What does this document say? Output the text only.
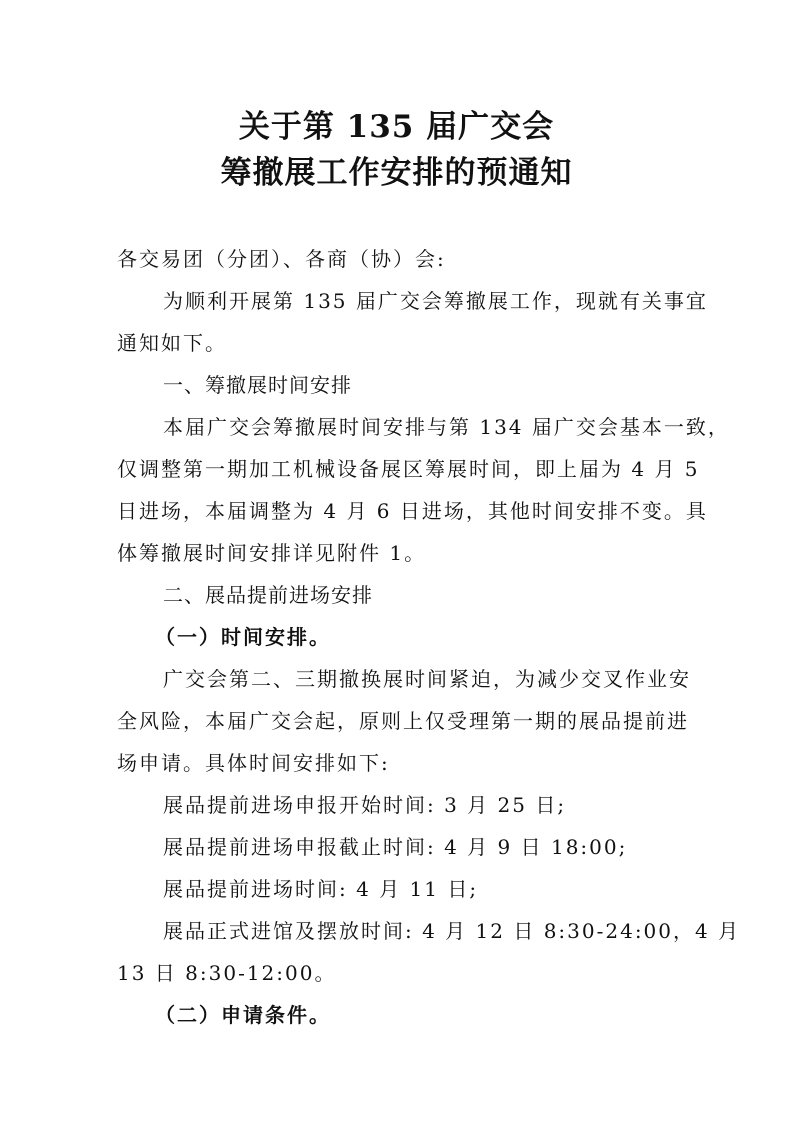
关于第 135 届广交会
筹撤展工作安排的预通知
各交易团（分团）、各商（协）会:
为顺利开展第 135 届广交会筹撤展工作，现就有关事宜
通知如下。
一、筹撤展时间安排
本届广交会筹撤展时间安排与第 134 届广交会基本一致，
仅调整第一期加工机械设备展区筹展时间，即上届为 4 月 5
日进场，本届调整为 4 月 6 日进场，其他时间安排不变。具
体筹撤展时间安排详见附件 1。
二、展品提前进场安排
（一）时间安排。
广交会第二、三期撤换展时间紧迫，为减少交叉作业安
全风险，本届广交会起，原则上仅受理第一期的展品提前进
场申请。具体时间安排如下:
展品提前进场申报开始时间: 3 月 25 日;
展品提前进场申报截止时间: 4 月 9 日 18:00;
展品提前进场时间: 4 月 11 日;
展品正式进馆及摆放时间: 4 月 12 日 8:30-24:00，4 月
13 日 8:30-12:00。
（二）申请条件。
